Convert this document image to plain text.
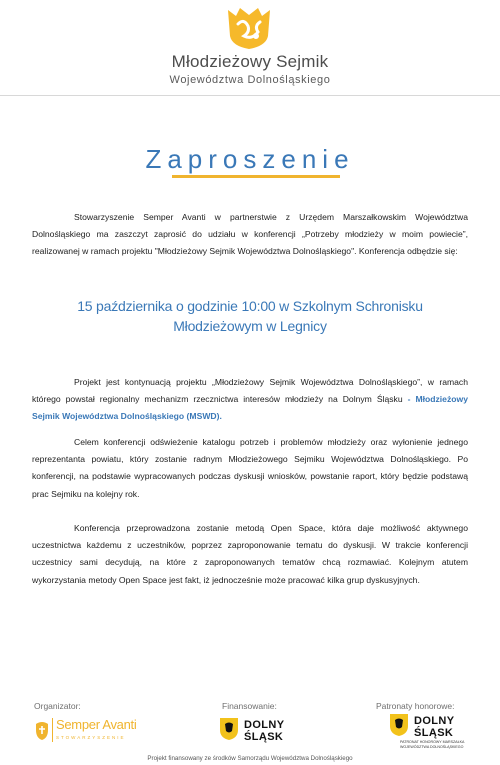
Młodzieżowy Sejmik
Województwa Dolnośląskiego
Zaproszenie

Stowarzyszenie Semper Avanti w partnerstwie z Urzędem Marszałkowskim Województwa Dolnośląskiego ma zaszczyt zaprosić do udziału w konferencji „Potrzeby młodzieży w moim powiecie”, realizowanej w ramach projektu "Młodzieżowy Sejmik Województwa Dolnośląskiego". Konferencja odbędzie się:

15 października o godzinie 10:00 w Szkolnym Schronisku Młodzieżowym w Legnicy

Projekt jest kontynuacją projektu „Młodzieżowy Sejmik Województwa Dolnośląskiego”, w ramach którego powstał regionalny mechanizm rzecznictwa interesów młodzieży na Dolnym Śląsku - Młodzieżowy Sejmik Województwa Dolnośląskiego (MSWD).

Celem konferencji odświeżenie katalogu potrzeb i problemów młodzieży oraz wyłonienie jednego reprezentanta powiatu, który zostanie radnym Młodzieżowego Sejmiku Województwa Dolnośląskiego. Po konferencji, na podstawie wypracowanych podczas dyskusji wniosków, powstanie raport, który będzie podstawą prac Sejmiku na kolejny rok.

Konferencja przeprowadzona zostanie metodą Open Space, która daje możliwość aktywnego uczestnictwa każdemu z uczestników, poprzez zaproponowanie tematu do dyskusji. W trakcie konferencji uczestnicy sami decydują, na które z zaproponowanych tematów chcą rozmawiać. Kolejnym atutem wykorzystania metody Open Space jest fakt, iż jednocześnie może pracować kilka grup dyskusyjnych.

Organizator:	Finansowanie:	Patronaty honorowe:
Semper Avanti
STOWARZYSZENIE
DOLNY
ŚLĄSK
DOLNY
ŚLĄSK
PATRONAT HONOROWY MARSZAŁKA WOJEWÓDZTWA DOLNOŚLĄSKIEGO
Projekt finansowany ze środków Samorządu Województwa Dolnośląskiego
